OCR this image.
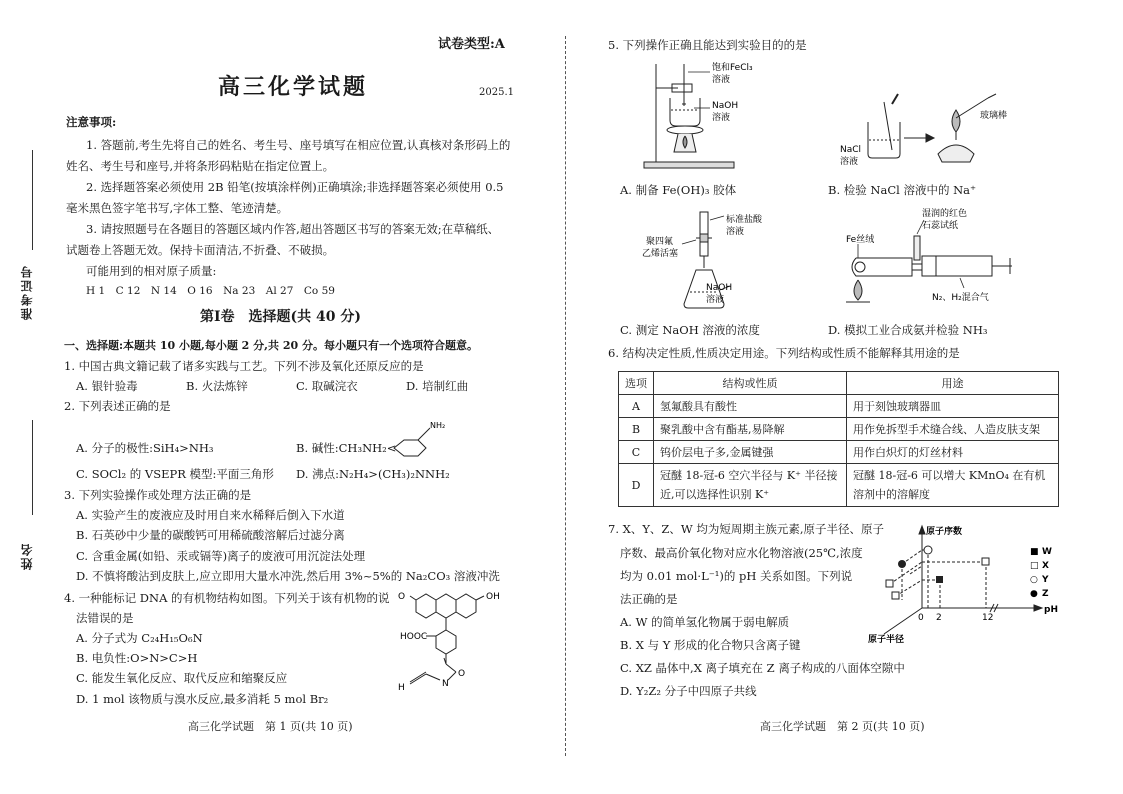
准考证号
姓名
试卷类型:A
高三化学试题	2025.1
注意事项:
1. 答题前,考生先将自己的姓名、考生号、座号填写在相应位置,认真核对条形码上的
姓名、考生号和座号,并将条形码粘贴在指定位置上。
2. 选择题答案必须使用 2B 铅笔(按填涂样例)正确填涂;非选择题答案必须使用 0.5
毫米黑色签字笔书写,字体工整、笔迹清楚。
3. 请按照题号在各题目的答题区域内作答,超出答题区书写的答案无效;在草稿纸、
试题卷上答题无效。保持卡面清洁,不折叠、不破损。
可能用到的相对原子质量:
H 1　C 12　N 14　O 16　Na 23　Al 27　Co 59
第Ⅰ卷　选择题(共 40 分)
一、选择题:本题共 10 小题,每小题 2 分,共 20 分。每小题只有一个选项符合题意。
1. 中国古典文籍记载了诸多实践与工艺。下列不涉及氧化还原反应的是
A. 银针验毒	B. 火法炼锌	C. 取碱浣衣	D. 培制红曲
2. 下列表述正确的是
A. 分子的极性:SiH₄>NH₃	B. 碱性:CH₃NH₂<
NH₂
C. SOCl₂ 的 VSEPR 模型:平面三角形 D. 沸点:N₂H₄>(CH₃)₂NNH₂
3. 下列实验操作或处理方法正确的是
A. 实验产生的废液应及时用自来水稀释后倒入下水道
B. 石英砂中少量的碳酸钙可用稀硫酸溶解后过滤分离
C. 含重金属(如铅、汞或镉等)离子的废液可用沉淀法处理
D. 不慎将酸沾到皮肤上,应立即用大量水冲洗,然后用 3%~5%的 Na₂CO₃ 溶液冲洗
4. 一种能标记 DNA 的有机物结构如图。下列关于该有机物的说
法错误的是
A. 分子式为 C₂₄H₁₅O₆N
B. 电负性:O>N>C>H
C. 能发生氧化反应、取代反应和缩聚反应
D. 1 mol 该物质与溴水反应,最多消耗 5 mol Br₂
O	OH
HOOC
O
N
H
高三化学试题　第 1 页(共 10 页)
5. 下列操作正确且能达到实验目的的是
饱和FeCl₃
溶液
NaOH
溶液
A. 制备 Fe(OH)₃ 胶体
NaCl
溶液
玻璃棒
B. 检验 NaCl 溶液中的 Na⁺
标准盐酸
溶液
聚四氟
乙烯活塞
NaOH
溶液
C. 测定 NaOH 溶液的浓度
湿润的红色
石蕊试纸
Fe丝绒
N₂、H₂混合气
D. 模拟工业合成氨并检验 NH₃
6. 结构决定性质,性质决定用途。下列结构或性质不能解释其用途的是
选项	结构或性质	用途
A	氢氟酸具有酸性	用于刻蚀玻璃器皿
B	聚乳酸中含有酯基,易降解	用作免拆型手术缝合线、人造皮肤支架
C	钨价层电子多,金属键强	用作白炽灯的灯丝材料
D	冠醚 18-冠-6 空穴半径与 K⁺ 半径接近,可以选择性识别 K⁺	冠醚 18-冠-6 可以增大 KMnO₄ 在有机溶剂中的溶解度
7. X、Y、Z、W 均为短周期主族元素,原子半径、原子
序数、最高价氧化物对应水化物溶液(25℃,浓度
均为 0.01 mol·L⁻¹)的 pH 关系如图。下列说
法正确的是
A. W 的简单氢化物属于弱电解质
B. X 与 Y 形成的化合物只含离子键
C. XZ 晶体中,X 离子填充在 Z 离子构成的八面体空隙中
D. Y₂Z₂ 分子中四原子共线
原子序数
pH
原子半径
0 2	12
■ W
□ X
○ Y
● Z
高三化学试题　第 2 页(共 10 页)
